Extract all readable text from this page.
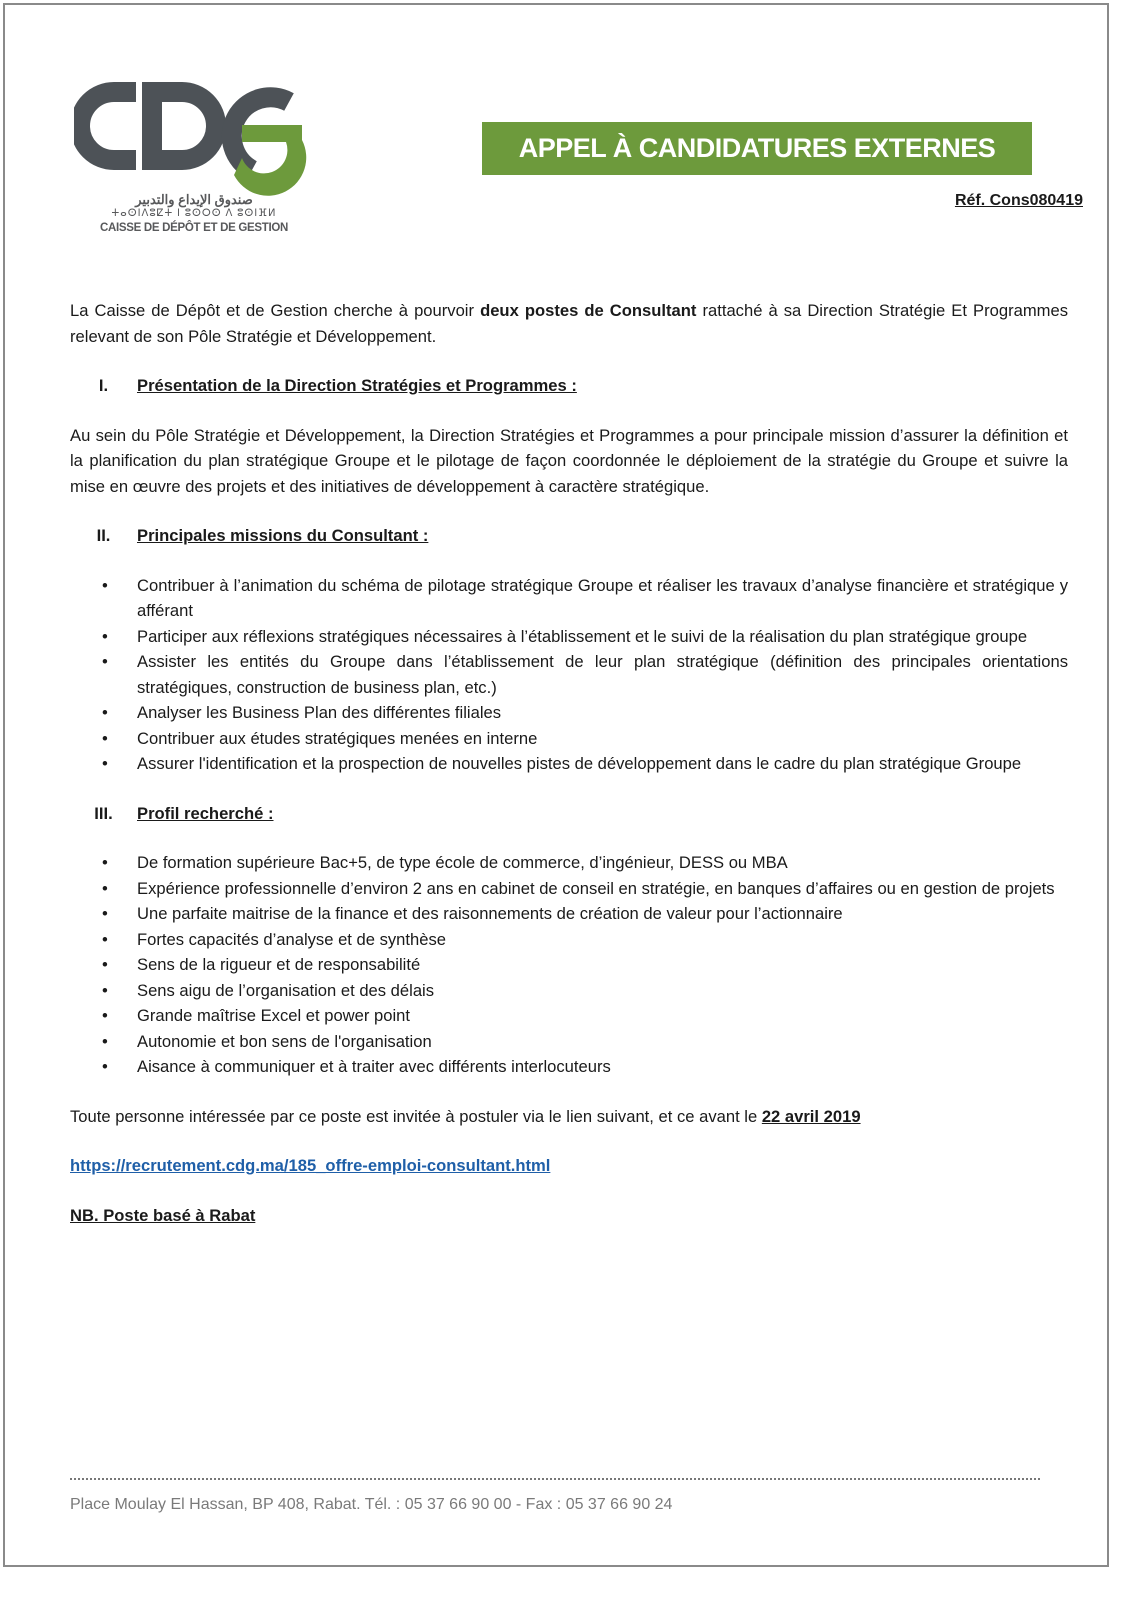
صندوق الإيداع والتدبير
ⵜⴰⵙⵏⴷⵓⵇⵜ ⵏ ⵓⵙⵔⵙ ⴷ ⵓⵙⵏⴼⵍ
CAISSE DE DÉPÔT ET DE GESTION
APPEL À CANDIDATURES EXTERNES
Réf. Cons080419

La Caisse de Dépôt et de Gestion cherche à pourvoir deux postes de Consultant rattaché à sa Direction Stratégie Et Programmes relevant de son Pôle Stratégie et Développement.

I.	Présentation de la Direction Stratégies et Programmes :

Au sein du Pôle Stratégie et Développement, la Direction Stratégies et Programmes a pour principale mission d’assurer la définition et la planification du plan stratégique Groupe et le pilotage de façon coordonnée le déploiement de la stratégie du Groupe et suivre la mise en œuvre des projets et des initiatives de développement à caractère stratégique.

II.	Principales missions du Consultant :
• Contribuer à l’animation du schéma de pilotage stratégique Groupe et réaliser les travaux d’analyse financière et stratégique y afférant
• Participer aux réflexions stratégiques nécessaires à l’établissement et le suivi de la réalisation du plan stratégique groupe
• Assister les entités du Groupe dans l’établissement de leur plan stratégique (définition des principales orientations stratégiques, construction de business plan, etc.)
• Analyser les Business Plan des différentes filiales
• Contribuer aux études stratégiques menées en interne
• Assurer l'identification et la prospection de nouvelles pistes de développement dans le cadre du plan stratégique Groupe
III.	Profil recherché :
• De formation supérieure Bac+5, de type école de commerce, d’ingénieur, DESS ou MBA
• Expérience professionnelle d’environ 2 ans en cabinet de conseil en stratégie, en banques d’affaires ou en gestion de projets
• Une parfaite maitrise de la finance et des raisonnements de création de valeur pour l’actionnaire
• Fortes capacités d’analyse et de synthèse
• Sens de la rigueur et de responsabilité
• Sens aigu de l’organisation et des délais
• Grande maîtrise Excel et power point
• Autonomie et bon sens de l'organisation
• Aisance à communiquer et à traiter avec différents interlocuteurs

Toute personne intéressée par ce poste est invitée à postuler via le lien suivant, et ce avant le 22 avril 2019

https://recrutement.cdg.ma/185_offre-emploi-consultant.html

NB. Poste basé à Rabat

Place Moulay El Hassan, BP 408, Rabat. Tél. : 05 37 66 90 00 - Fax : 05 37 66 90 24
